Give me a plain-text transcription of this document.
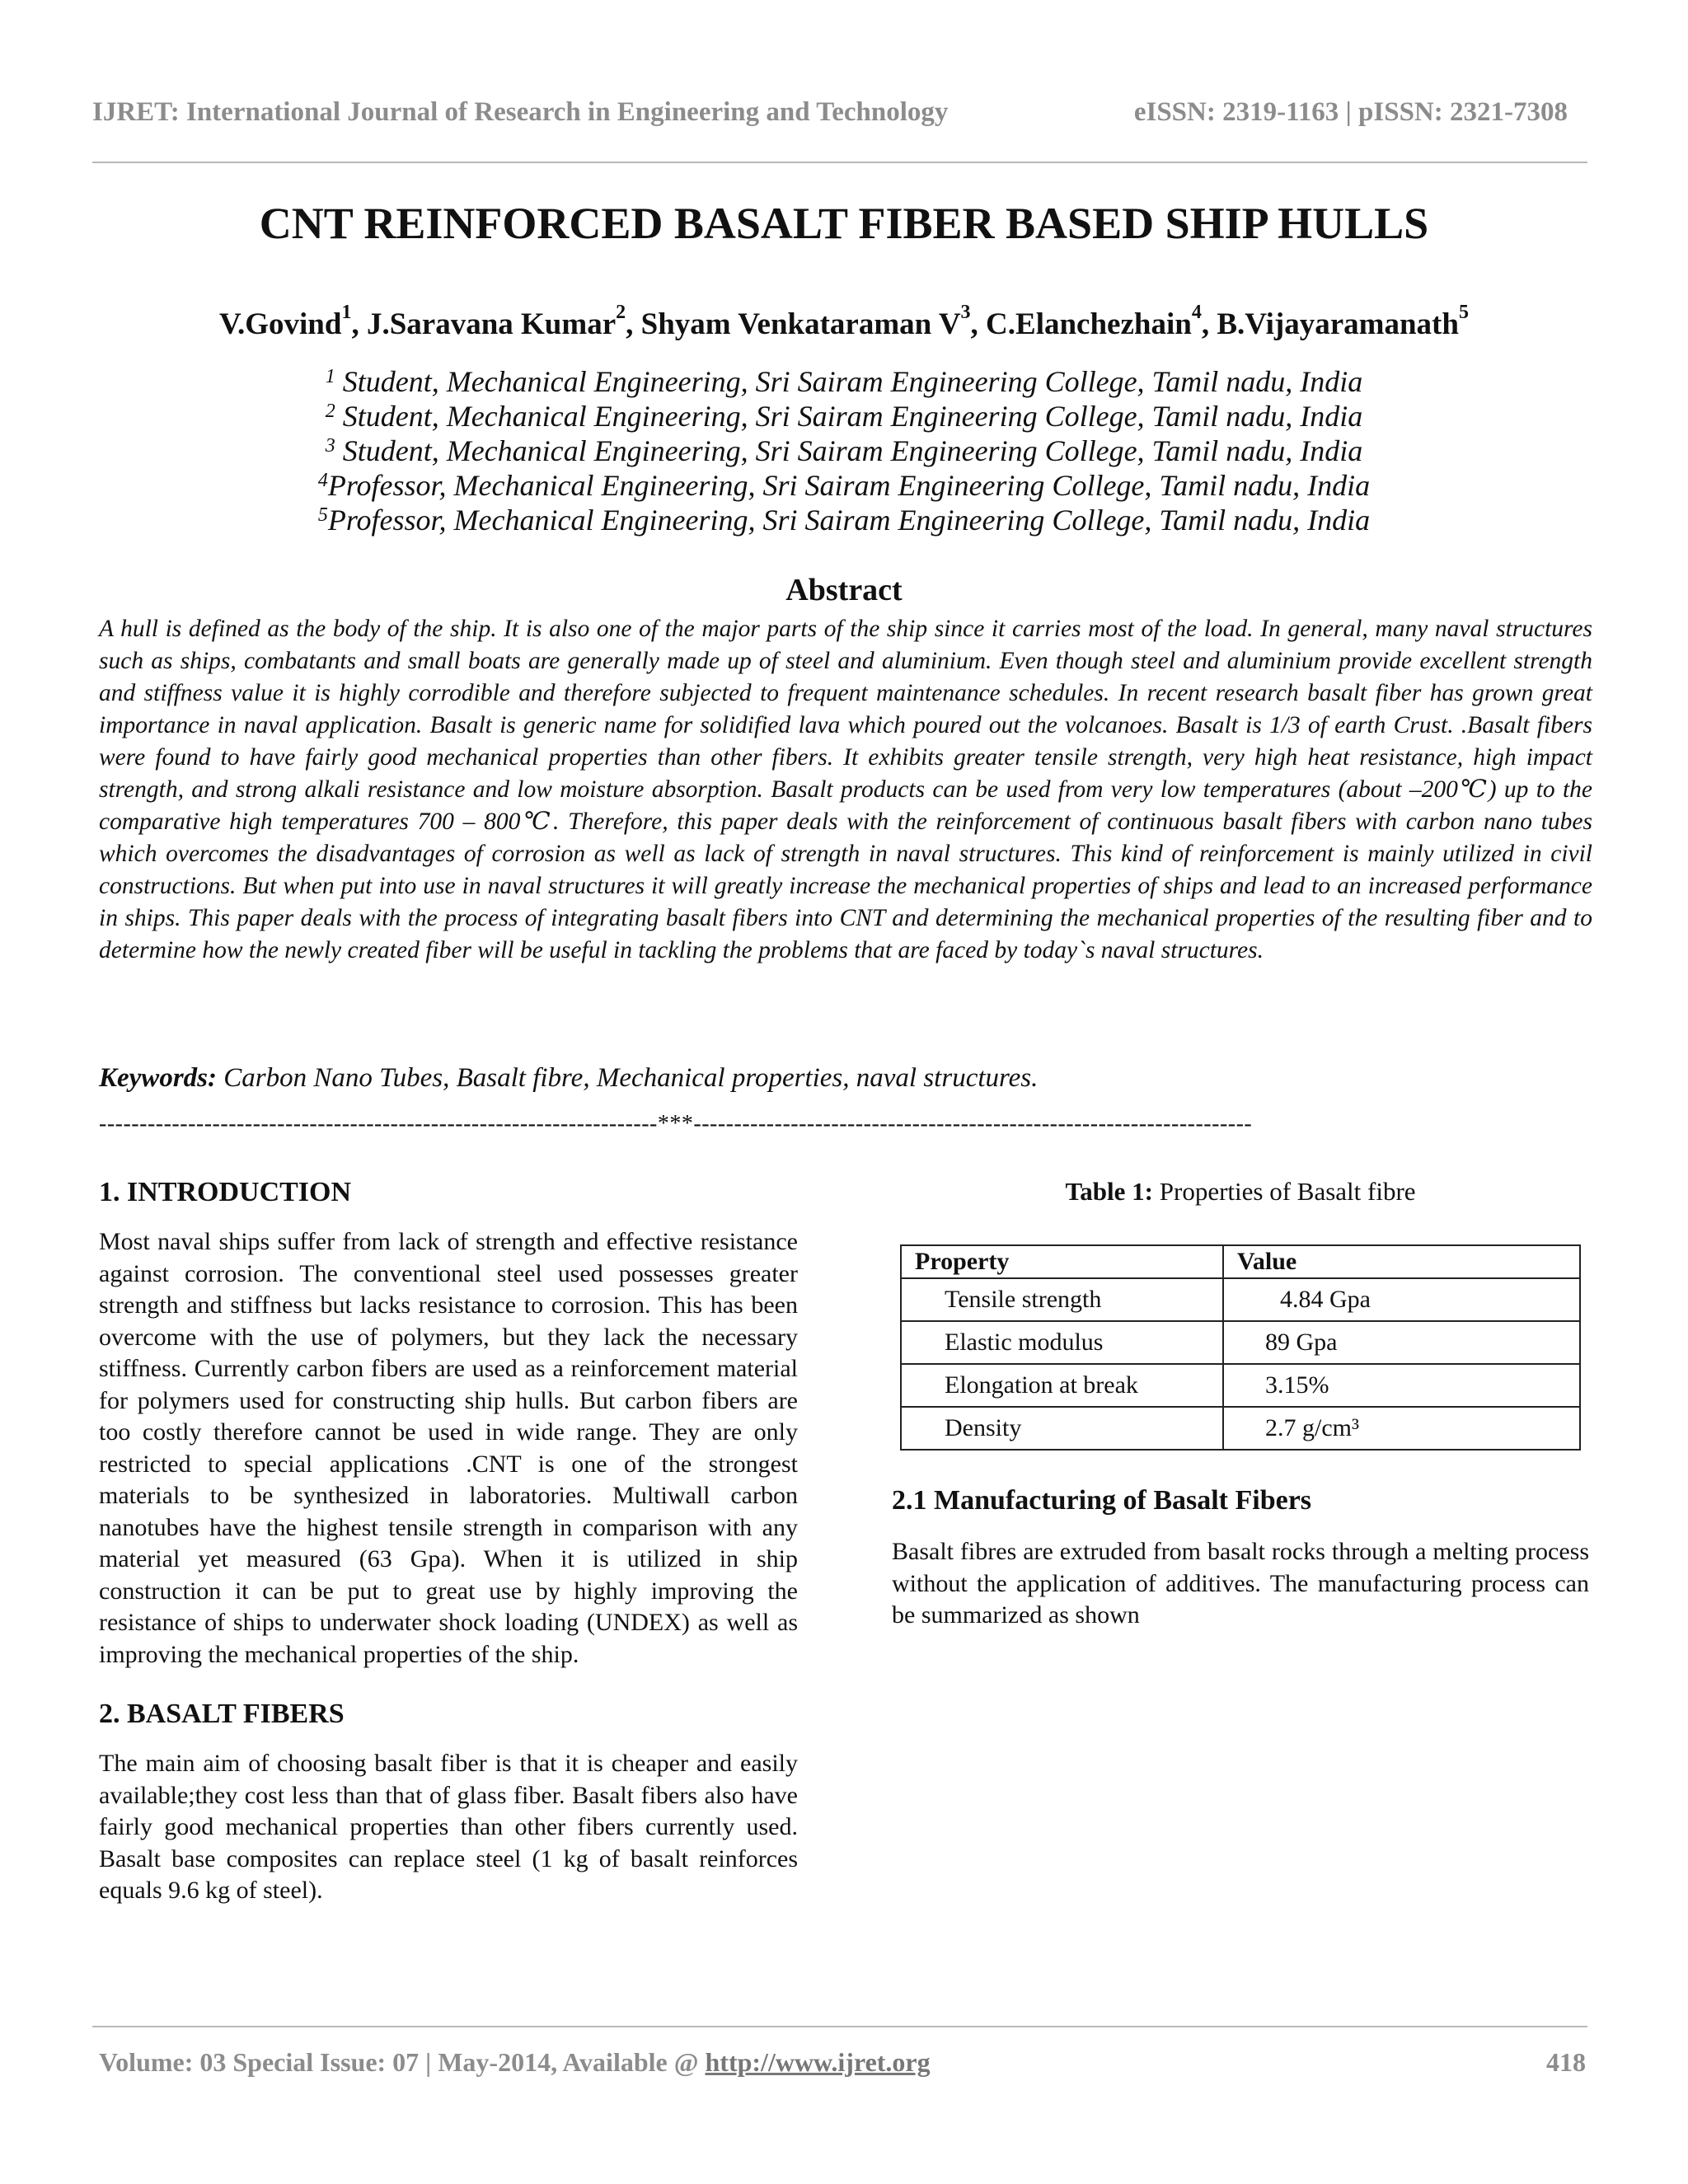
IJRET: International Journal of Research in Engineering and Technology	eISSN: 2319-1163 | pISSN: 2321-7308
CNT REINFORCED BASALT FIBER BASED SHIP HULLS
V.Govind$^1$, J.Saravana Kumar$^2$, Shyam Venkataraman $V^3$, C.Elanchezhain$^4$, B.Vijayaramanath$^5$
$^1$ Student, Mechanical Engineering, Sri Sairam Engineering College, Tamil nadu, India
$^2$ Student, Mechanical Engineering, Sri Sairam Engineering College, Tamil nadu, India
$^3$ Student, Mechanical Engineering, Sri Sairam Engineering College, Tamil nadu, India
$^4$Professor, Mechanical Engineering, Sri Sairam Engineering College, Tamil nadu, India
$^5$Professor, Mechanical Engineering, Sri Sairam Engineering College, Tamil nadu, India
Abstract
A hull is defined as the body of the ship. It is also one of the major parts of the ship since it carries most of the load. In general, many naval structures such as ships, combatants and small boats are generally made up of steel and aluminium. Even though steel and aluminium provide excellent strength and stiffness value it is highly corrodible and therefore subjected to frequent maintenance schedules. In recent research basalt fiber has grown great importance in naval application. Basalt is generic name for solidified lava which poured out the volcanoes. Basalt is 1/3 of earth Crust. .Basalt fibers were found to have fairly good mechanical properties than other fibers. It exhibits greater tensile strength, very high heat resistance, high impact strength, and strong alkali resistance and low moisture absorption. Basalt products can be used from very low temperatures (about –200℃) up to the comparative high temperatures 700 – 800℃. Therefore, this paper deals with the reinforcement of continuous basalt fibers with carbon nano tubes which overcomes the disadvantages of corrosion as well as lack of strength in naval structures. This kind of reinforcement is mainly utilized in civil constructions. But when put into use in naval structures it will greatly increase the mechanical properties of ships and lead to an increased performance in ships. This paper deals with the process of integrating basalt fibers into CNT and determining the mechanical properties of the resulting fiber and to determine how the newly created fiber will be useful in tackling the problems that are faced by today`s naval structures.
Keywords: Carbon Nano Tubes, Basalt fibre, Mechanical properties, naval structures.
---------------------------------------------------------------------***---------------------------------------------------------------------
1. INTRODUCTION

Most naval ships suffer from lack of strength and effective resistance against corrosion. The conventional steel used possesses greater strength and stiffness but lacks resistance to corrosion. This has been overcome with the use of polymers, but they lack the necessary stiffness. Currently carbon fibers are used as a reinforcement material for polymers used for constructing ship hulls. But carbon fibers are too costly therefore cannot be used in wide range. They are only restricted to special applications .CNT is one of the strongest materials to be synthesized in laboratories. Multiwall carbon nanotubes have the highest tensile strength in comparison with any material yet measured (63 Gpa). When it is utilized in ship construction it can be put to great use by highly improving the resistance of ships to underwater shock loading (UNDEX) as well as improving the mechanical properties of the ship.

2. BASALT FIBERS

The main aim of choosing basalt fiber is that it is cheaper and easily available;they cost less than that of glass fiber. Basalt fibers also have fairly good mechanical properties than other fibers currently used. Basalt base composites can replace steel (1 kg of basalt reinforces equals 9.6 kg of steel).

Table 1: Properties of Basalt fibre

Property	Value
Tensile strength	4.84 Gpa
Elastic modulus	89 Gpa
Elongation at break	3.15%
Density	2.7 g/cm³
2.1 Manufacturing of Basalt Fibers

Basalt fibres are extruded from basalt rocks through a melting process without the application of additives. The manufacturing process can be summarized as shown

Volume: 03 Special Issue: 07 | May-2014, Available @ http://www.ijret.org	418
